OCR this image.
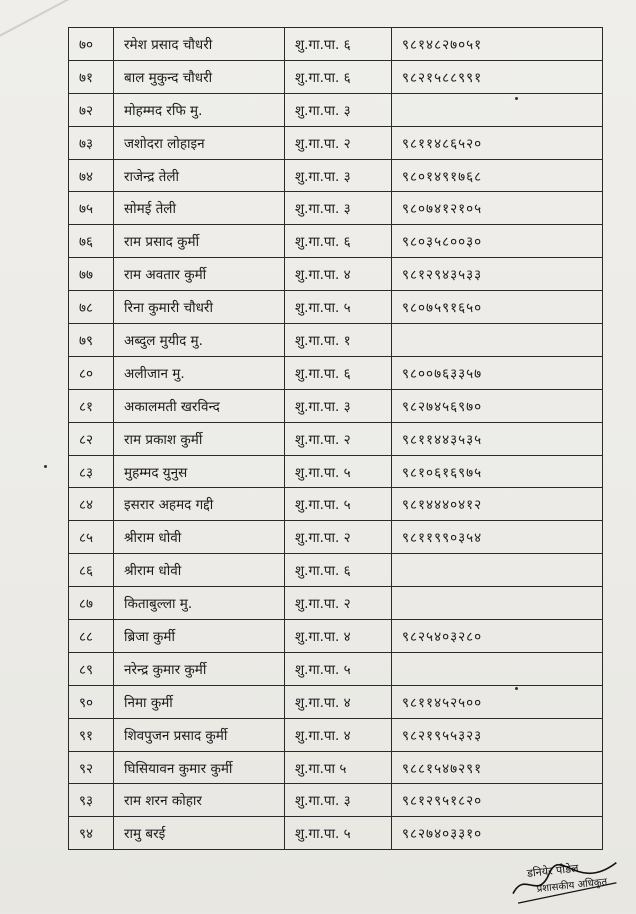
७०	रमेश प्रसाद चौधरी	शु.गा.पा. ६	९८१४८२७०५१
७१	बाल मुकुन्द चौधरी	शु.गा.पा. ६	९८२१५८८९९१
७२	मोहम्मद रफि मु.	शु.गा.पा. ३	
७३	जशोदरा लोहाइन	शु.गा.पा. २	९८११४८६५२०
७४	राजेन्द्र तेली	शु.गा.पा. ३	९८०१४९१७६८
७५	सोमई तेली	शु.गा.पा. ३	९८०७४१२१०५
७६	राम प्रसाद कुर्मी	शु.गा.पा. ६	९८०३५८००३०
७७	राम अवतार कुर्मी	शु.गा.पा. ४	९८१२९४३५३३
७८	रिना कुमारी चौधरी	शु.गा.पा. ५	९८०७५९१६५०
७९	अब्दुल मुयीद मु.	शु.गा.पा. १	
८०	अलीजान मु.	शु.गा.पा. ६	९८००७६३३५७
८१	अकालमती खरविन्द	शु.गा.पा. ३	९८२७४५६९७०
८२	राम प्रकाश कुर्मी	शु.गा.पा. २	९८११४४३५३५
८३	मुहम्मद युनुस	शु.गा.पा. ५	९८१०६१६९७५
८४	इसरार अहमद गद्दी	शु.गा.पा. ५	९८१४४४०४१२
८५	श्रीराम धोवी	शु.गा.पा. २	९८११९९०३५४
८६	श्रीराम धोवी	शु.गा.पा. ६	
८७	किताबुल्ला मु.	शु.गा.पा. २	
८८	ब्रिजा कुर्मी	शु.गा.पा. ४	९८२५४०३२८०
८९	नरेन्द्र कुमार कुर्मी	शु.गा.पा. ५	
९०	निमा कुर्मी	शु.गा.पा. ४	९८११४५२५००
९१	शिवपुजन प्रसाद कुर्मी	शु.गा.पा. ४	९८२१९५५३२३
९२	घिसियावन कुमार कुर्मी	शु.गा.पा ५	९८८१५४७२९१
९३	राम शरन कोहार	शु.गा.पा. ३	९८१२९५१८२०
९४	रामु बरई	शु.गा.पा. ५	९८२७४०३३१०
डनियेर पौडेल
प्रशासकीय अधिकृत
